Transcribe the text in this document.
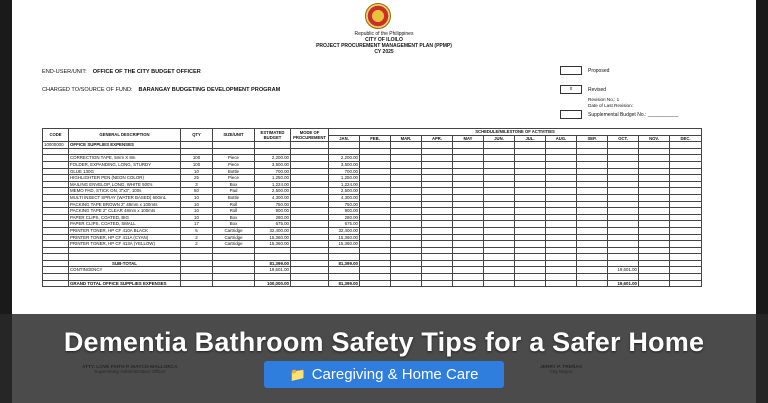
Republic of the Philippines
CITY OF ILOILO
PROJECT PROCUREMENT MANAGEMENT PLAN (PPMP)
CY 2025
END-USER/UNIT: OFFICE OF THE CITY BUDGET OFFICER
CHARGED TO/SOURCE OF FUND: BARANGAY BUDGETING DEVELOPMENT PROGRAM
Proposed
x	Revised
Revision No.: 1
Date of Last Revision:
Supplemental Budget No.: ___________
CODE	GENERAL DESCRIPTION	QTY	SIZE/UNIT	ESTIMATED BUDGET	MODE OF PROCUREMENT	SCHEDULE/MILESTONE OF ACTIVITIES											
						JAN.	FEB.	MAR.	APR.	MAY	JUN.	JUL.	AUG.	SEP.	OCT.	NOV.	DEC.
10000000	OFFICE SUPPLIES EXPENSES																

	CORRECTION TAPE, 5mm X 8m	100	Piece	2,200.00		2,200.00											
	FOLDER, EXPANDING, LONG, STURDY	100	Piece	3,500.00		3,500.00											
	GLUE 130G	10	Bottle	700.00		700.00											
	HIGHLIGHTER PEN (NEON COLOR)	25	Piece	1,250.00		1,250.00											
	MAILING ENVELOP, LONG, WHITE 500's	3	Box	1,224.00		1,224.00											
	MEMO PAD, STICK ON, 3"x3", 100s	50	Pad	2,500.00		2,500.00											
	MULTI INSECT SPRAY (WATER BASED) 600mL	10	Bottle	4,300.00		4,300.00											
	PACKING TAPE BROWN 2" 48mm x 100mts	10	Roll	750.00		750.00											
	PACKING TAPE 2" CLEAR 48mm x 100mts	10	Roll	900.00		900.00											
	PAPER CLIPS, COATED, BIG	10	Box	280.00		280.00											
	PAPER CLIPS, COATED, SMALL	17	Box	675.00		675.00											
	PRINTER TONER, HP CF 410A BLACK	5	Cartridge	32,400.00		32,400.00											
	PRINTER TONER, HP CF 411A (CYAN)	2	Cartridge	15,360.00		15,360.00											
	PRINTER TONER, HP CF 413A (YELLOW)	2	Cartridge	15,360.00		15,360.00											

	SUB-TOTAL			81,399.00		81,399.00											
	CONTINGENCY			19,601.00											19,601.00		

	GRAND TOTAL OFFICE SUPPLIES EXPENSES			100,000.00		81,399.00									19,601.00		
Dementia Bathroom Safety Tips for a Safer Home
📁 Caregiving & Home Care
